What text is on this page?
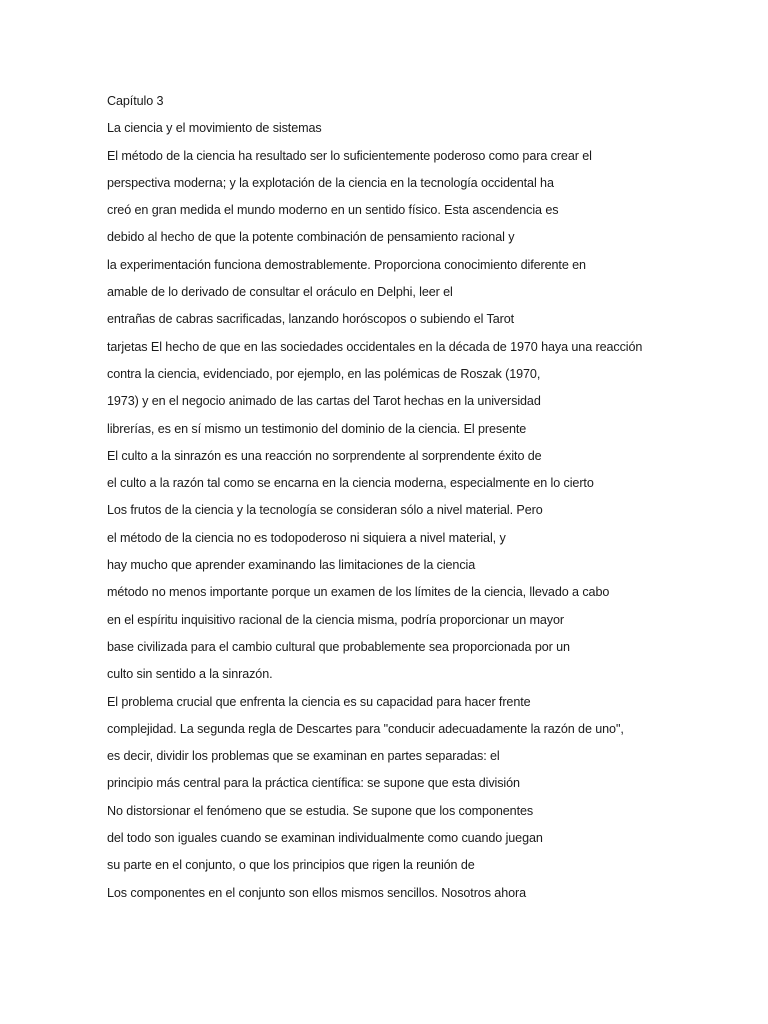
Capítulo 3
La ciencia y el movimiento de sistemas
El método de la ciencia ha resultado ser lo suficientemente poderoso como para crear el
perspectiva moderna; y la explotación de la ciencia en la tecnología occidental ha
creó en gran medida el mundo moderno en un sentido físico. Esta ascendencia es
debido al hecho de que la potente combinación de pensamiento racional y
la experimentación funciona demostrablemente. Proporciona conocimiento diferente en
amable de lo derivado de consultar el oráculo en Delphi, leer el
entrañas de cabras sacrificadas, lanzando horóscopos o subiendo el Tarot
tarjetas El hecho de que en las sociedades occidentales en la década de 1970 haya una reacción
contra la ciencia, evidenciado, por ejemplo, en las polémicas de Roszak (1970,
1973) y en el negocio animado de las cartas del Tarot hechas en la universidad
librerías, es en sí mismo un testimonio del dominio de la ciencia. El presente
El culto a la sinrazón es una reacción no sorprendente al sorprendente éxito de
el culto a la razón tal como se encarna en la ciencia moderna, especialmente en lo cierto
Los frutos de la ciencia y la tecnología se consideran sólo a nivel material. Pero
el método de la ciencia no es todopoderoso ni siquiera a nivel material, y
hay mucho que aprender examinando las limitaciones de la ciencia
método no menos importante porque un examen de los límites de la ciencia, llevado a cabo
en el espíritu inquisitivo racional de la ciencia misma, podría proporcionar un mayor
base civilizada para el cambio cultural que probablemente sea proporcionada por un
culto sin sentido a la sinrazón.
El problema crucial que enfrenta la ciencia es su capacidad para hacer frente
complejidad. La segunda regla de Descartes para "conducir adecuadamente la razón de uno",
es decir, dividir los problemas que se examinan en partes separadas: el
principio más central para la práctica científica: se supone que esta división
No distorsionar el fenómeno que se estudia. Se supone que los componentes
del todo son iguales cuando se examinan individualmente como cuando juegan
su parte en el conjunto, o que los principios que rigen la reunión de
Los componentes en el conjunto son ellos mismos sencillos. Nosotros ahora
